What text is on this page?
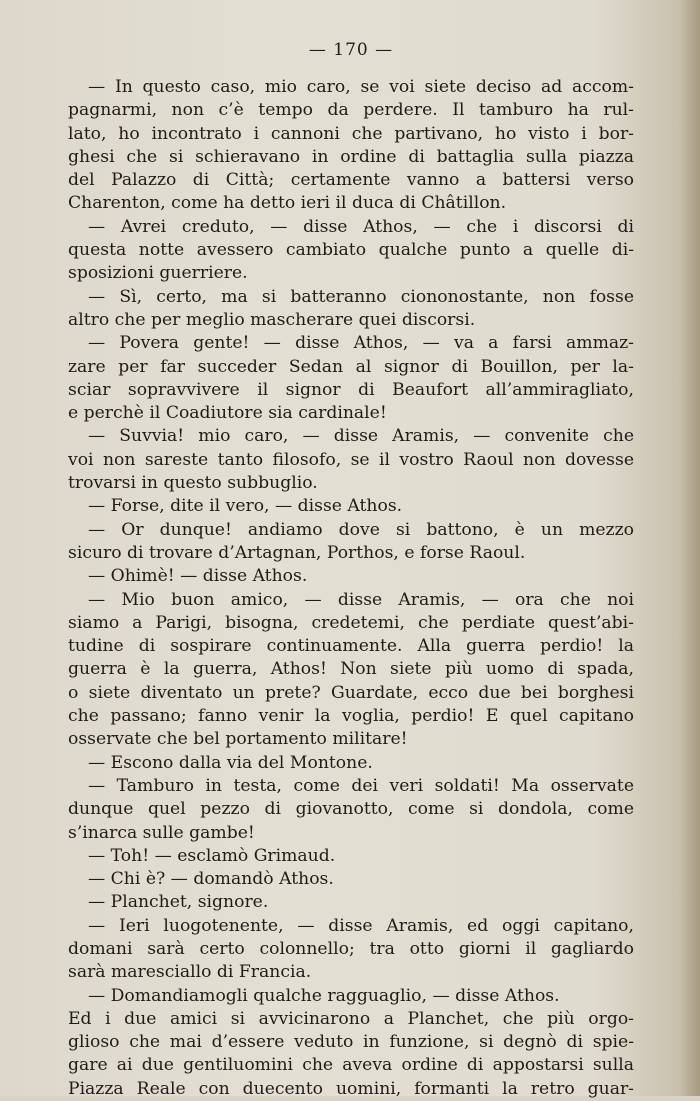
— 170 —
— In questo caso, mio caro, se voi siete deciso ad accom-
pagnarmi, non c’è tempo da perdere. Il tamburo ha rul-
lato, ho incontrato i cannoni che partivano, ho visto i bor-
ghesi che si schieravano in ordine di battaglia sulla piazza
del Palazzo di Città; certamente vanno a battersi verso
Charenton, come ha detto ieri il duca di Châtillon.
— Avrei creduto, — disse Athos, — che i discorsi di
questa notte avessero cambiato qualche punto a quelle di-
sposizioni guerriere.
— Sì, certo, ma si batteranno ciononostante, non fosse
altro che per meglio mascherare quei discorsi.
— Povera gente! — disse Athos, — va a farsi ammaz-
zare per far succeder Sedan al signor di Bouillon, per la-
sciar sopravvivere il signor di Beaufort all’ammiragliato,
e perchè il Coadiutore sia cardinale!
— Suvvia! mio caro, — disse Aramis, — convenite che
voi non sareste tanto filosofo, se il vostro Raoul non dovesse
trovarsi in questo subbuglio.
— Forse, dite il vero, — disse Athos.
— Or dunque! andiamo dove si battono, è un mezzo
sicuro di trovare d’Artagnan, Porthos, e forse Raoul.
— Ohimè! — disse Athos.
— Mio buon amico, — disse Aramis, — ora che noi
siamo a Parigi, bisogna, credetemi, che perdiate quest’abi-
tudine di sospirare continuamente. Alla guerra perdio! la
guerra è la guerra, Athos! Non siete più uomo di spada,
o siete diventato un prete? Guardate, ecco due bei borghesi
che passano; fanno venir la voglia, perdio! E quel capitano
osservate che bel portamento militare!
— Escono dalla via del Montone.
— Tamburo in testa, come dei veri soldati! Ma osservate
dunque quel pezzo di giovanotto, come si dondola, come
s’inarca sulle gambe!
— Toh! — esclamò Grimaud.
— Chi è? — domandò Athos.
— Planchet, signore.
— Ieri luogotenente, — disse Aramis, ed oggi capitano,
domani sarà certo colonnello; tra otto giorni il gagliardo
sarà maresciallo di Francia.
— Domandiamogli qualche ragguaglio, — disse Athos.
Ed i due amici si avvicinarono a Planchet, che più orgo-
glioso che mai d’essere veduto in funzione, si degnò di spie-
gare ai due gentiluomini che aveva ordine di appostarsi sulla
Piazza Reale con duecento uomini, formanti la retro guar-
